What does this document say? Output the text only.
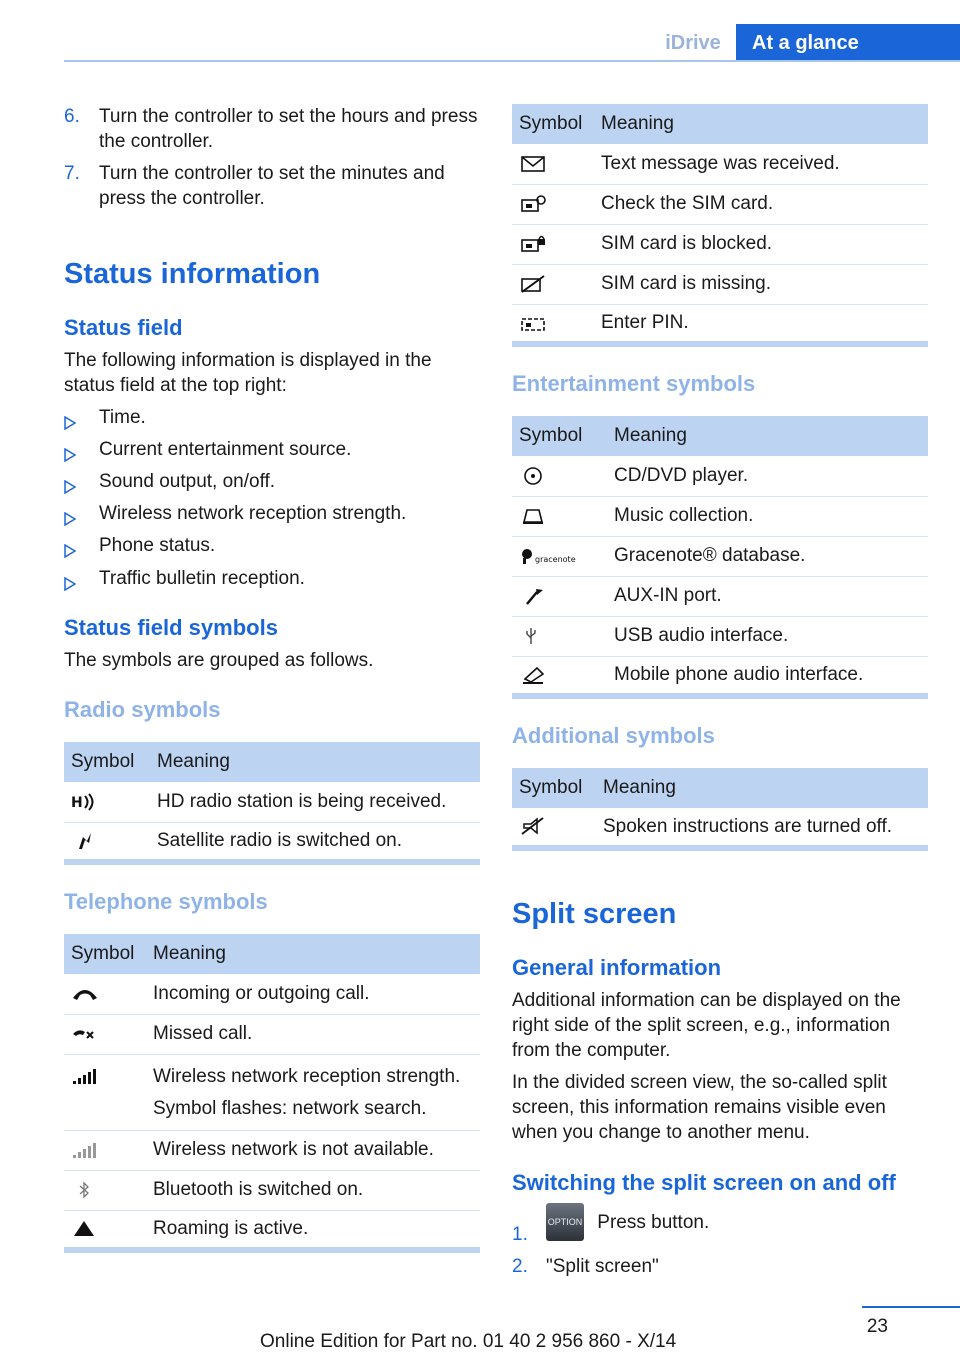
iDrive	At a glance
6. Turn the controller to set the hours and press the controller.
7. Turn the controller to set the minutes and press the controller.
Status information
Status field
The following information is displayed in the status field at the top right:
Time.
Current entertainment source.
Sound output, on/off.
Wireless network reception strength.
Phone status.
Traffic bulletin reception.
Status field symbols
The symbols are grouped as follows.
Radio symbols
Symbol	Meaning

H	HD radio station is being received.

	Satellite radio is switched on.
Telephone symbols
Symbol	Meaning

	Incoming or outgoing call.

	Missed call.

Wireless network reception strength.
Symbol flashes: network search.

	Wireless network is not available.

	Bluetooth is switched on.

	Roaming is active.
Symbol	Meaning

	Text message was received.

	Check the SIM card.

	SIM card is blocked.

	SIM card is missing.

	Enter PIN.
Entertainment symbols
Symbol	Meaning

	CD/DVD player.

	Music collection.

gracenote	Gracenote® database.

	AUX-IN port.

	USB audio interface.

	Mobile phone audio interface.
Additional symbols
Symbol	Meaning

	Spoken instructions are turned off.
Split screen
General information
Additional information can be displayed on the right side of the split screen, e.g., information from the computer.
In the divided screen view, the so-called split screen, this information remains visible even when you change to another menu.
Switching the split screen on and off
1.
OPTION Press button.
2. "Split screen"
23
Online Edition for Part no. 01 40 2 956 860 - X/14
